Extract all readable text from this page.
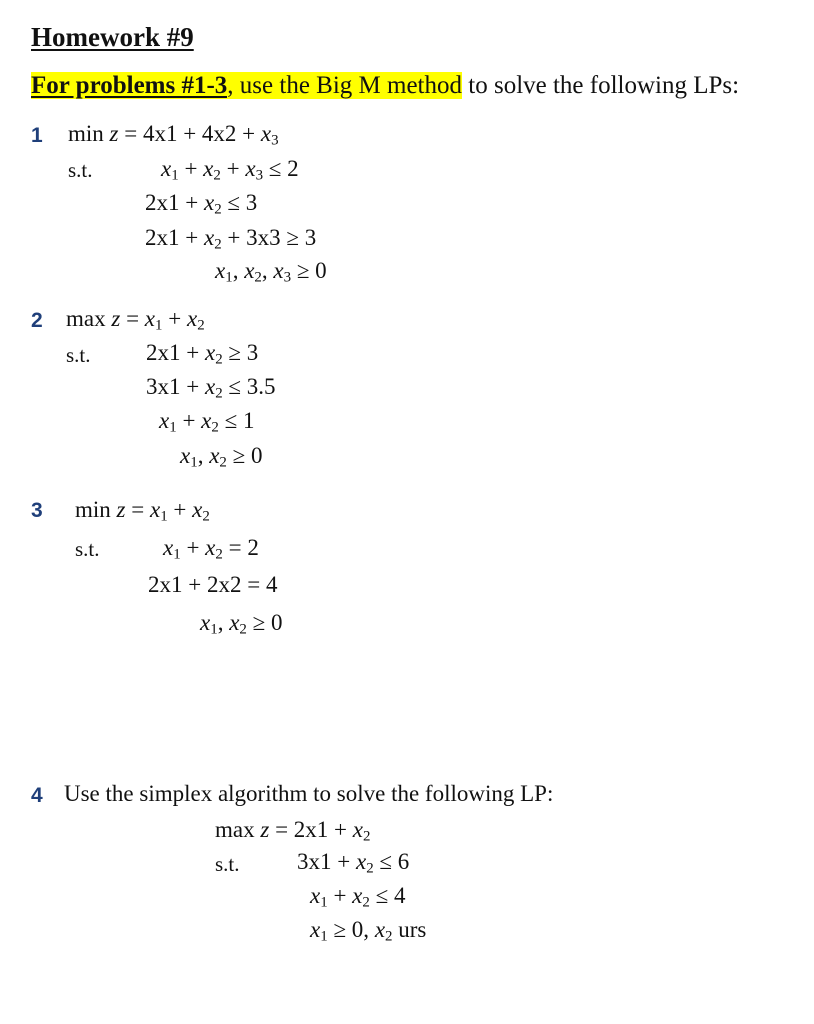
Homework #9
For problems #1-3, use the Big M method to solve the following LPs:
1 $\min z = 4x1 + 4x2 + x_3$
s.t.	$x_1 + x_2 + x_3 \le 2$
$2x1 + x_2 \le 3$
$2x1 + x_2 + 3x3 \ge 3$
$x_1$, $x_2$, $x_3 \ge 0$
2 $\max z = x_1 + x_2$
s.t. $2x1 + x_2 \ge 3$
$3x1 + x_2 \le 3.5$
$x_1 + x_2 \le 1$
$x_1$, $x_2 \ge 0$
3 $\min z = x_1 + x_2$
s.t.	$x_1 + x_2 = 2$
2x1 + 2x2 = 4
$x_1$, $x_2 \ge 0$
4 Use the simplex algorithm to solve the following LP:
$\max z = 2x1 + x_2$
s.t. $3x1 + x_2 \le 6$
$x_1 + x_2 \le 4$
$x_1 \ge 0$, $x_2$ urs
